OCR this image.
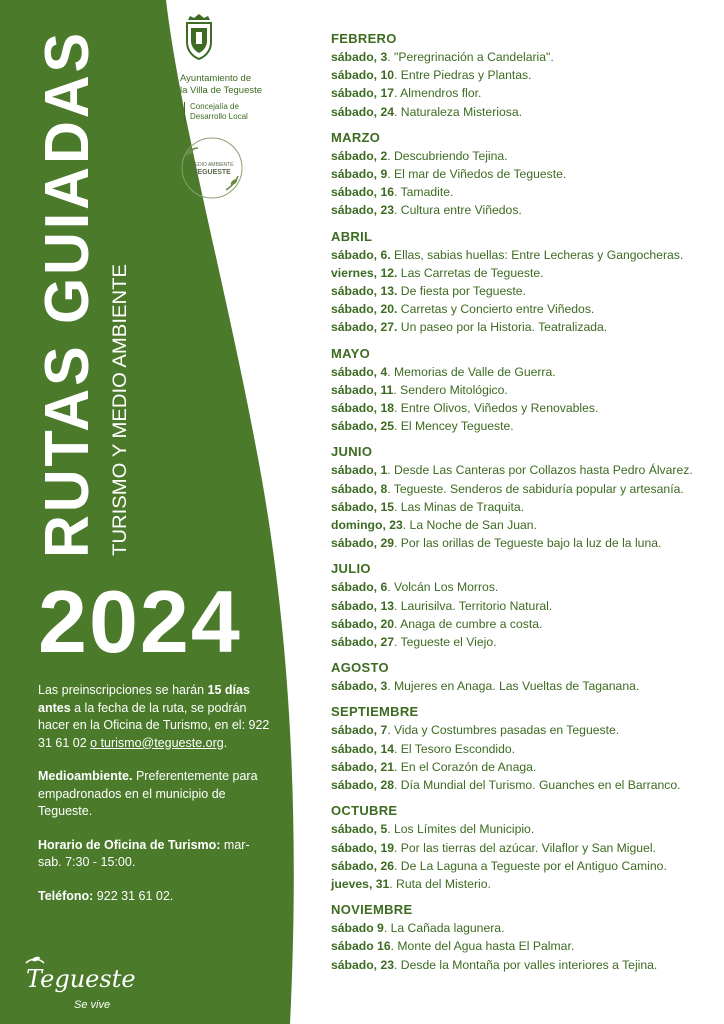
RUTAS GUIADAS TURISMO Y MEDIO AMBIENTE
2024
Ayuntamiento de
la Villa de Tegueste
Concejalía de
Desarrollo Local
MEDIO AMBIENTE
TEGUESTE

Las preinscripciones se harán 15 días antes a la fecha de la ruta, se podrán hacer en la Oficina de Turismo, en el: 922 31 61 02 o turismo@tegueste.org.

Medioambiente. Preferentemente para empadronados en el municipio de Tegueste.

Horario de Oficina de Turismo: mar-sab. 7:30 - 15:00.

Teléfono: 922 31 61 02.

Tegueste
Se vive
FEBRERO
sábado, 3. "Peregrinación a Candelaria".
sábado, 10. Entre Piedras y Plantas.
sábado, 17. Almendros flor.
sábado, 24. Naturaleza Misteriosa.
MARZO
sábado, 2. Descubriendo Tejina.
sábado, 9. El mar de Viñedos de Tegueste.
sábado, 16. Tamadite.
sábado, 23. Cultura entre Viñedos.
ABRIL
sábado, 6. Ellas, sabias huellas: Entre Lecheras y Gangocheras.
viernes, 12. Las Carretas de Tegueste.
sábado, 13. De fiesta por Tegueste.
sábado, 20. Carretas y Concierto entre Viñedos.
sábado, 27. Un paseo por la Historia. Teatralizada.
MAYO
sábado, 4. Memorias de Valle de Guerra.
sábado, 11. Sendero Mitológico.
sábado, 18. Entre Olivos, Viñedos y Renovables.
sábado, 25. El Mencey Tegueste.
JUNIO
sábado, 1. Desde Las Canteras por Collazos hasta Pedro Álvarez.
sábado, 8. Tegueste. Senderos de sabiduría popular y artesanía.
sábado, 15. Las Minas de Traquita.
domingo, 23. La Noche de San Juan.
sábado, 29. Por las orillas de Tegueste bajo la luz de la luna.
JULIO
sábado, 6. Volcán Los Morros.
sábado, 13. Laurisilva. Territorio Natural.
sábado, 20. Anaga de cumbre a costa.
sábado, 27. Tegueste el Viejo.
AGOSTO
sábado, 3. Mujeres en Anaga. Las Vueltas de Taganana.
SEPTIEMBRE
sábado, 7. Vida y Costumbres pasadas en Tegueste.
sábado, 14. El Tesoro Escondido.
sábado, 21. En el Corazón de Anaga.
sábado, 28. Día Mundial del Turismo. Guanches en el Barranco.
OCTUBRE
sábado, 5. Los Límites del Municipio.
sábado, 19. Por las tierras del azúcar. Vilaflor y San Miguel.
sábado, 26. De La Laguna a Tegueste por el Antiguo Camino.
jueves, 31. Ruta del Misterio.
NOVIEMBRE
sábado 9. La Cañada lagunera.
sábado 16. Monte del Agua hasta El Palmar.
sábado, 23. Desde la Montaña por valles interiores a Tejina.
